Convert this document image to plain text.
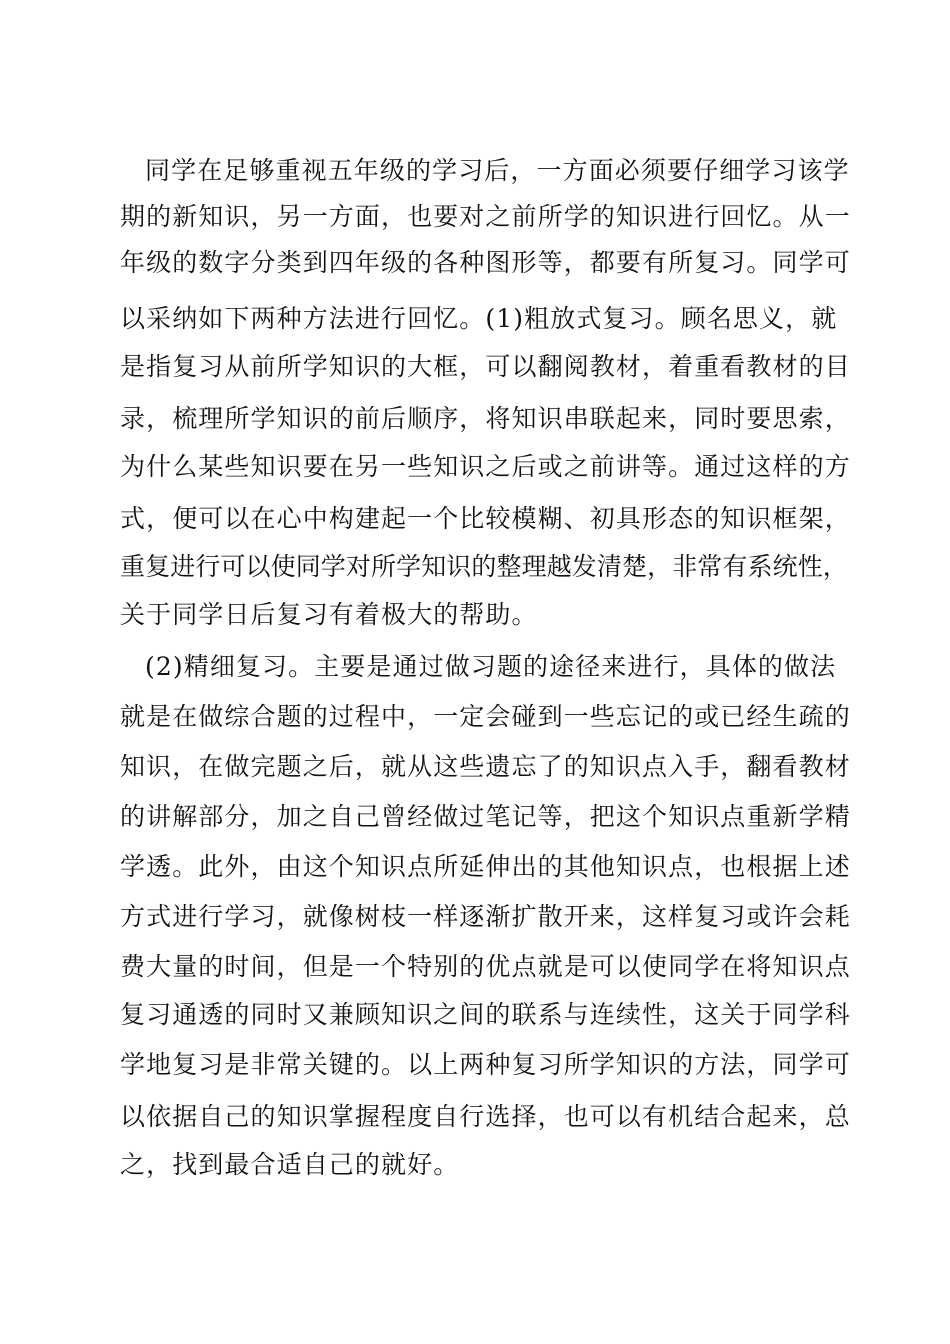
同学在足够重视五年级的学习后，一方面必须要仔细学习该学
期的新知识，另一方面，也要对之前所学的知识进行回忆。从一
年级的数字分类到四年级的各种图形等，都要有所复习。同学可
以采纳如下两种方法进行回忆。(1)粗放式复习。顾名思义，就
是指复习从前所学知识的大框，可以翻阅教材，着重看教材的目
录，梳理所学知识的前后顺序，将知识串联起来，同时要思索，
为什么某些知识要在另一些知识之后或之前讲等。通过这样的方
式，便可以在心中构建起一个比较模糊、初具形态的知识框架，
重复进行可以使同学对所学知识的整理越发清楚，非常有系统性，
关于同学日后复习有着极大的帮助。
(2)精细复习。主要是通过做习题的途径来进行，具体的做法
就是在做综合题的过程中，一定会碰到一些忘记的或已经生疏的
知识，在做完题之后，就从这些遗忘了的知识点入手，翻看教材
的讲解部分，加之自己曾经做过笔记等，把这个知识点重新学精
学透。此外，由这个知识点所延伸出的其他知识点，也根据上述
方式进行学习，就像树枝一样逐渐扩散开来，这样复习或许会耗
费大量的时间，但是一个特别的优点就是可以使同学在将知识点
复习通透的同时又兼顾知识之间的联系与连续性，这关于同学科
学地复习是非常关键的。以上两种复习所学知识的方法，同学可
以依据自己的知识掌握程度自行选择，也可以有机结合起来，总
之，找到最合适自己的就好。
